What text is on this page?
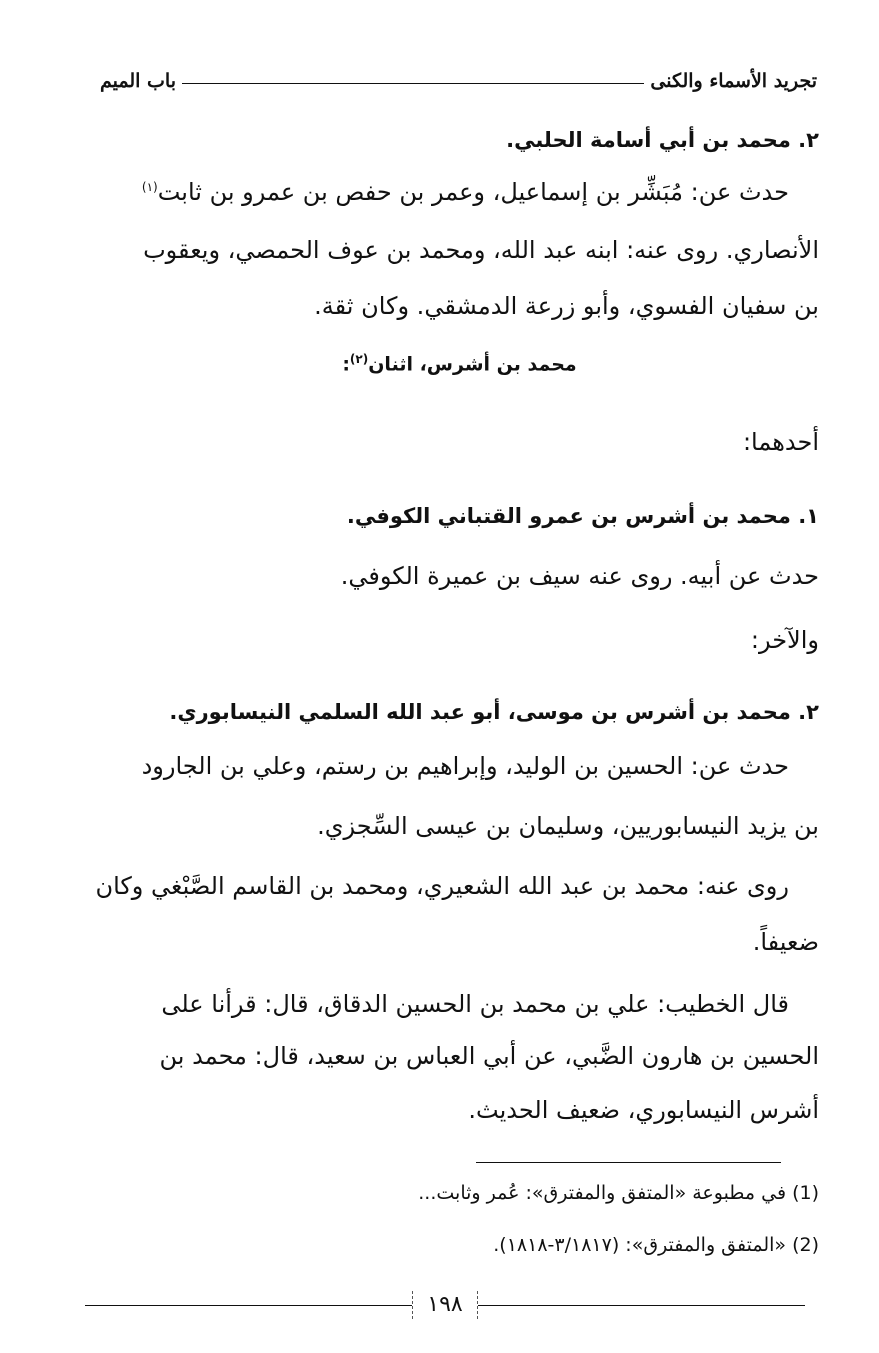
تجريد الأسماء والكنى
باب الميم
٢. محمد بن أبي أسامة الحلبي.
حدث عن: مُبَشِّر بن إسماعيل، وعمر بن حفص بن عمرو بن ثابت$^{(١)}$
الأنصاري. روى عنه: ابنه عبد الله، ومحمد بن عوف الحمصي، ويعقوب
بن سفيان الفسوي، وأبو زرعة الدمشقي. وكان ثقة.
محمد بن أشرس، اثنان$^{(٢)}$:
أحدهما:
١. محمد بن أشرس بن عمرو القتباني الكوفي.
حدث عن أبيه. روى عنه سيف بن عميرة الكوفي.
والآخر:
٢. محمد بن أشرس بن موسى، أبو عبد الله السلمي النيسابوري.
حدث عن: الحسين بن الوليد، وإبراهيم بن رستم، وعلي بن الجارود
بن يزيد النيسابوريين، وسليمان بن عيسى السِّجزي.
روى عنه: محمد بن عبد الله الشعيري، ومحمد بن القاسم الصَّبْغي وكان
ضعيفاً.
قال الخطيب: علي بن محمد بن الحسين الدقاق، قال: قرأنا على
الحسين بن هارون الضَّبي، عن أبي العباس بن سعيد، قال: محمد بن
أشرس النيسابوري، ضعيف الحديث.
(1) في مطبوعة «المتفق والمفترق»: عُمر وثابت...
(2) «المتفق والمفترق»: (٣/١٨١٧-١٨١٨).
١٩٨
